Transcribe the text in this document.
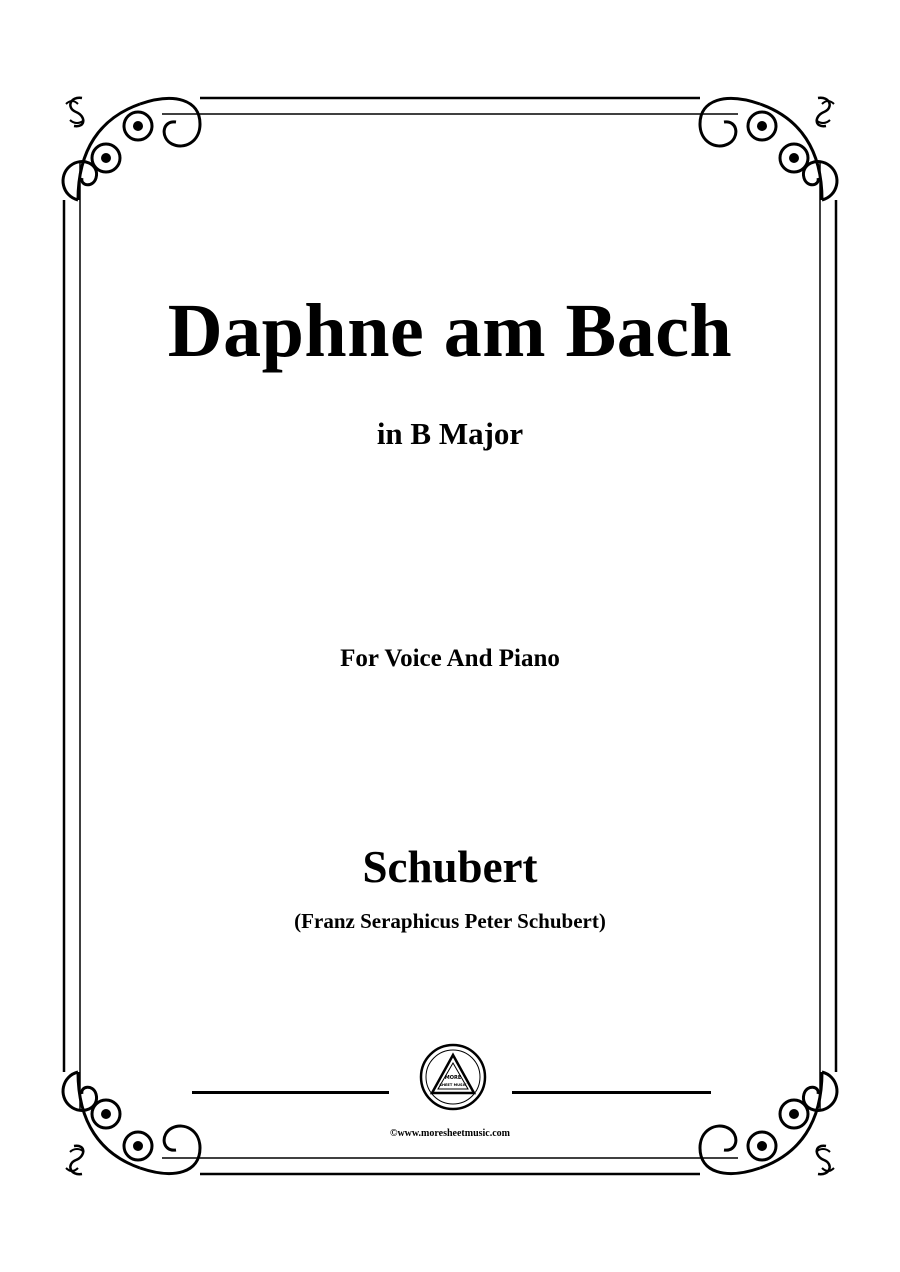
Daphne am Bach
in B Major
For Voice And Piano
Schubert
(Franz Seraphicus Peter Schubert)
MORE
SHEET MUSIC
©www.moresheetmusic.com
